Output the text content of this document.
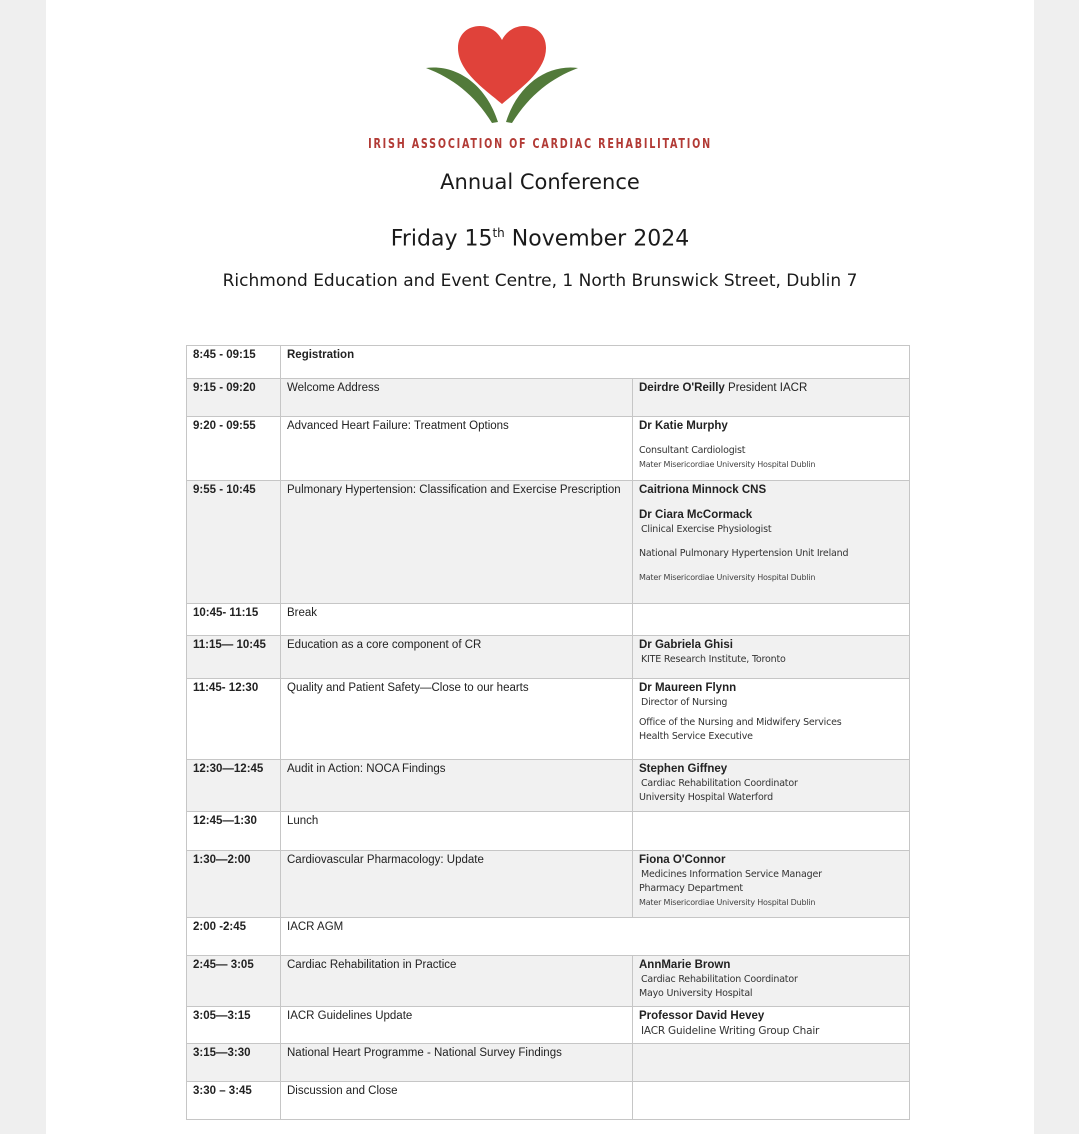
IRISH ASSOCIATION OF CARDIAC REHABILITATION
Annual Conference
Friday 15th November 2024
Richmond Education and Event Centre, 1 North Brunswick Street, Dublin 7
8:45 - 09:15	Registration	
9:15 - 09:20	Welcome Address	Deirdre O'Reilly President IACR
9:20 - 09:55	Advanced Heart Failure: Treatment Options	Dr Katie Murphy
Consultant Cardiologist
Mater Misericordiae University Hospital Dublin

9:55 - 10:45	Pulmonary Hypertension: Classification and Exercise Prescription	Caitriona Minnock CNS
Dr Ciara McCormack
Clinical Exercise Physiologist
National Pulmonary Hypertension Unit Ireland
Mater Misericordiae University Hospital Dublin

10:45- 11:15	Break	
11:15— 10:45	Education as a core component of CR	Dr Gabriela Ghisi
KITE Research Institute, Toronto

11:45- 12:30	Quality and Patient Safety—Close to our hearts	Dr Maureen Flynn
Director of Nursing
Office of the Nursing and Midwifery Services
Health Service Executive

12:30—12:45	Audit in Action: NOCA Findings	Stephen Giffney
Cardiac Rehabilitation Coordinator
University Hospital Waterford

12:45—1:30	Lunch	
1:30—2:00	Cardiovascular Pharmacology: Update	Fiona O'Connor
Medicines Information Service Manager
Pharmacy Department
Mater Misericordiae University Hospital Dublin

2:00 -2:45	IACR AGM	
2:45— 3:05	Cardiac Rehabilitation in Practice	AnnMarie Brown
Cardiac Rehabilitation Coordinator
Mayo University Hospital

3:05—3:15	IACR Guidelines Update	Professor David Hevey
IACR Guideline Writing Group Chair

3:15—3:30	National Heart Programme - National Survey Findings	
3:30 – 3:45	Discussion and Close	
